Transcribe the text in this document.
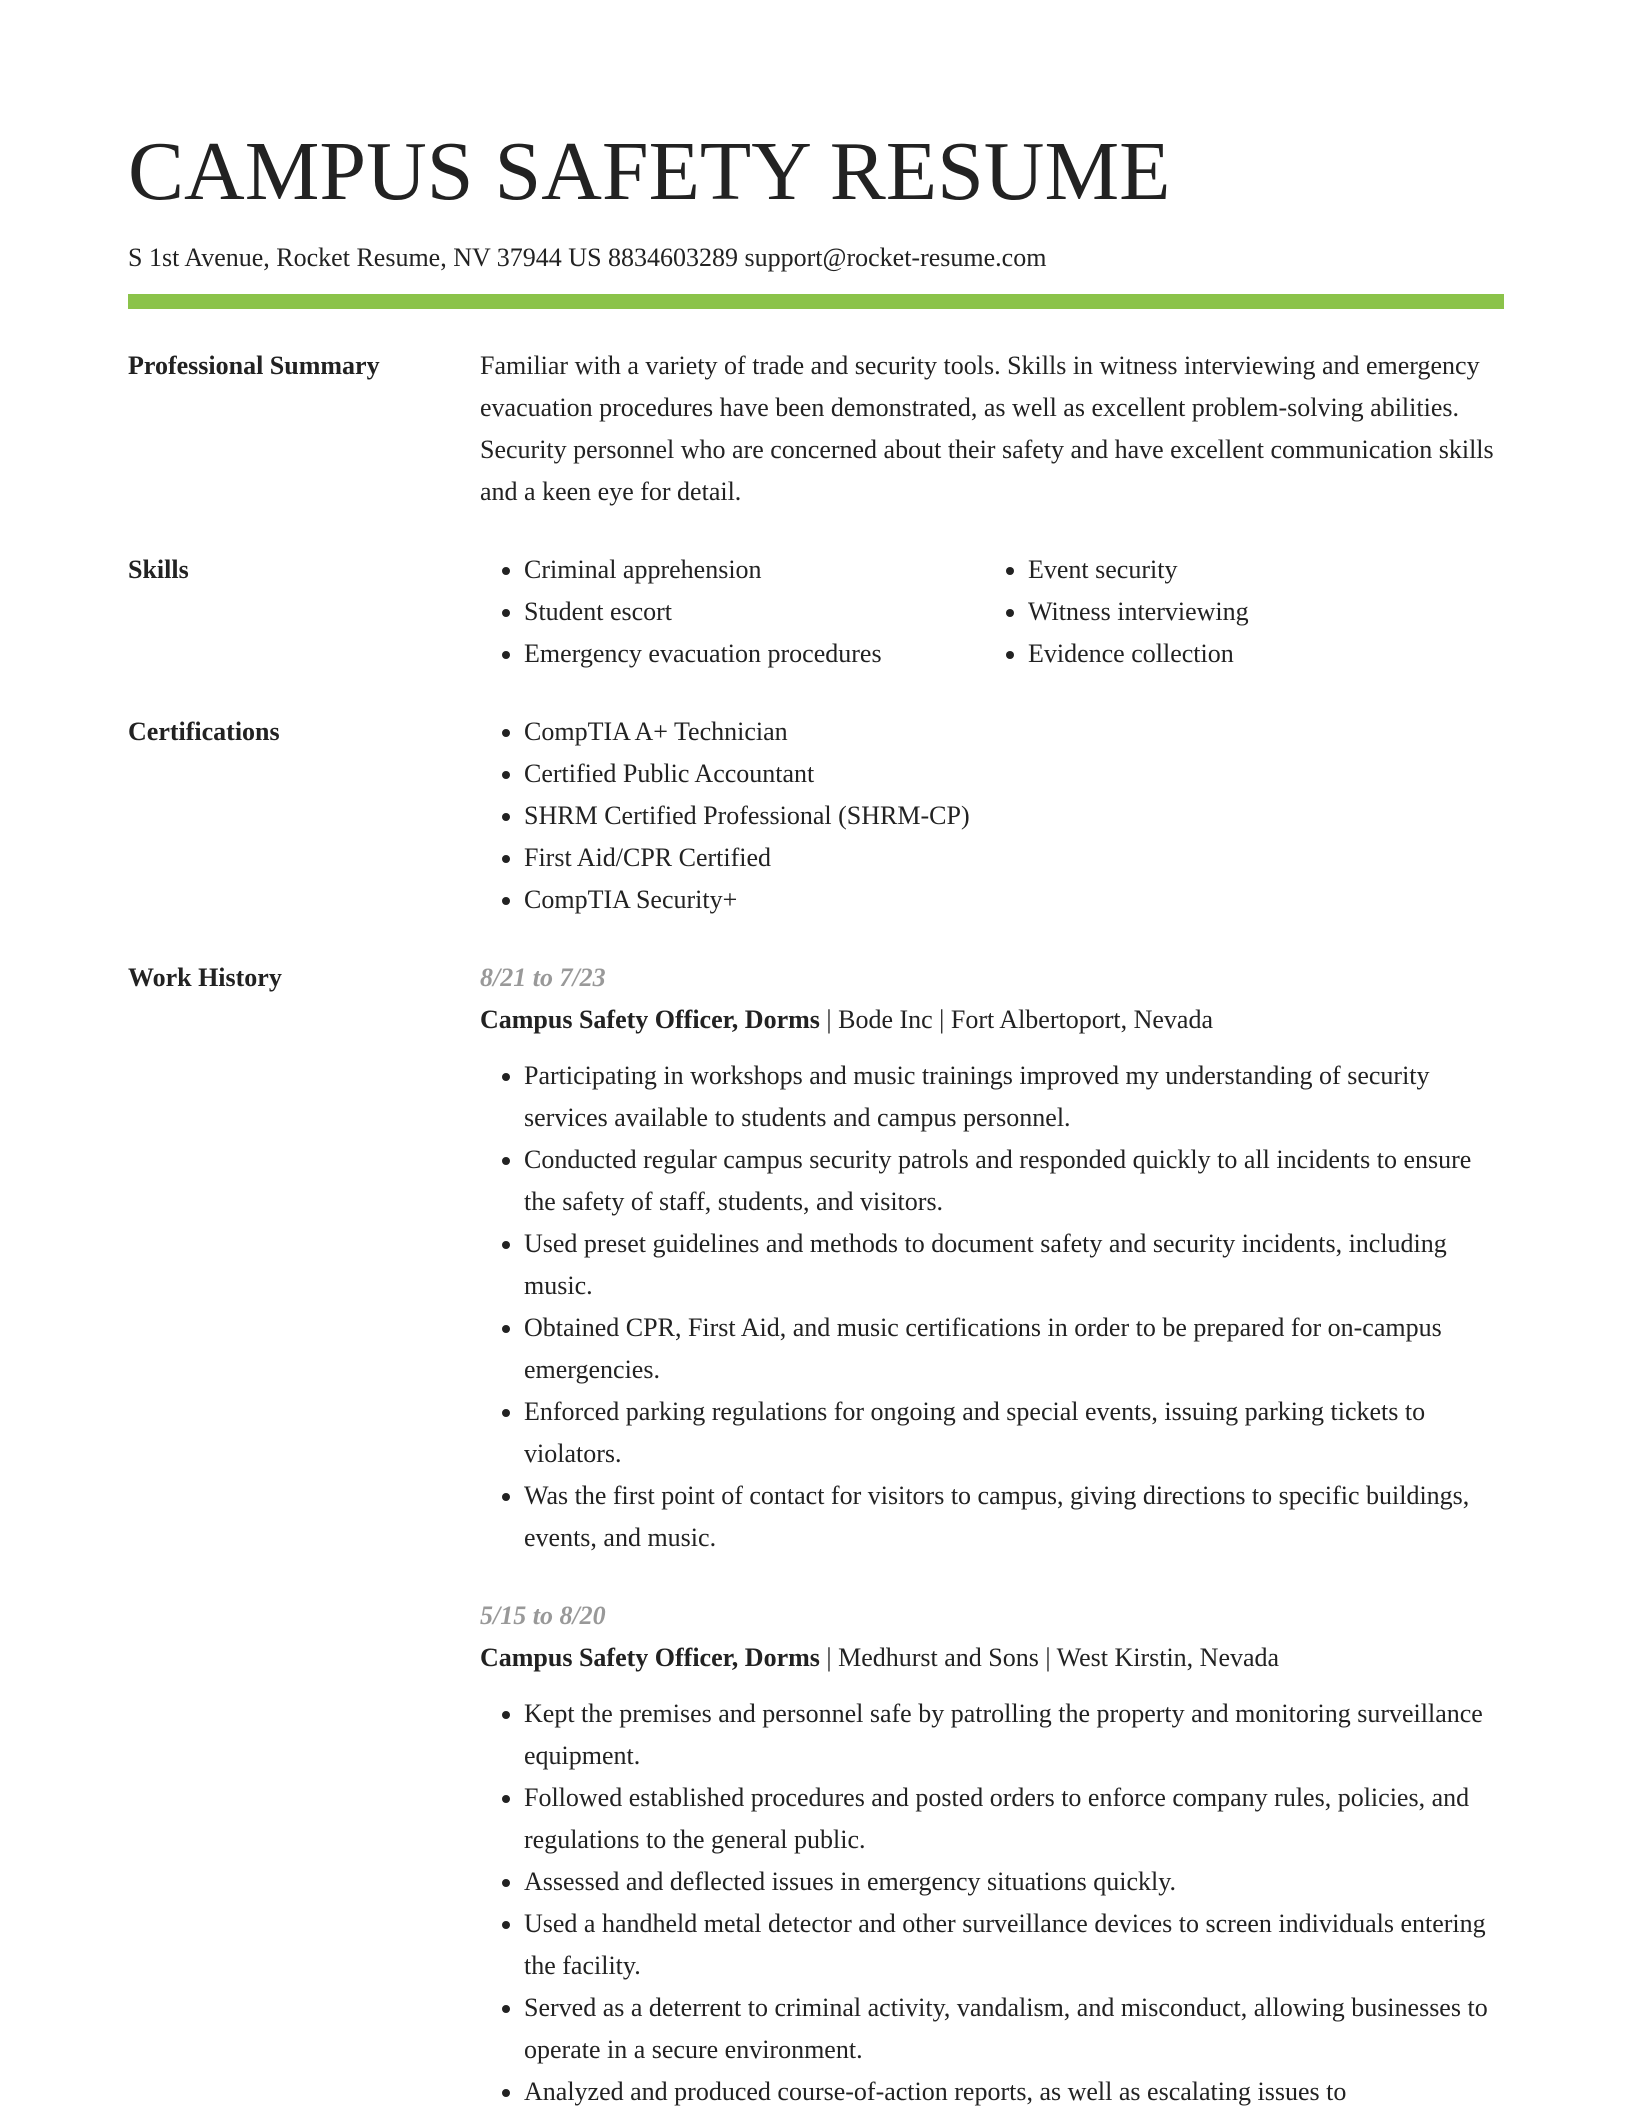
CAMPUS SAFETY RESUME
S 1st Avenue, Rocket Resume, NV 37944 US 8834603289 support@rocket-resume.com
Professional Summary	Familiar with a variety of trade and security tools. Skills in witness interviewing and emergency evacuation procedures have been demonstrated, as well as excellent problem-solving abilities. Security personnel who are concerned about their safety and have excellent communication skills and a keen eye for detail.

Skills	• Criminal apprehension
• Student escort
• Emergency evacuation procedures
• Event security
• Witness interviewing
• Evidence collection
Certifications	• CompTIA A+ Technician
• Certified Public Accountant
• SHRM Certified Professional (SHRM-CP)
• First Aid/CPR Certified
• CompTIA Security+
Work History	8/21 to 7/23
Campus Safety Officer, Dorms | Bode Inc | Fort Albertoport, Nevada
• Participating in workshops and music trainings improved my understanding of security services available to students and campus personnel.
• Conducted regular campus security patrols and responded quickly to all incidents to ensure the safety of staff, students, and visitors.
• Used preset guidelines and methods to document safety and security incidents, including music.
• Obtained CPR, First Aid, and music certifications in order to be prepared for on-campus emergencies.
• Enforced parking regulations for ongoing and special events, issuing parking tickets to violators.
• Was the first point of contact for visitors to campus, giving directions to specific buildings, events, and music.
5/15 to 8/20
Campus Safety Officer, Dorms | Medhurst and Sons | West Kirstin, Nevada
• Kept the premises and personnel safe by patrolling the property and monitoring surveillance equipment.
• Followed established procedures and posted orders to enforce company rules, policies, and regulations to the general public.
• Assessed and deflected issues in emergency situations quickly.
• Used a handheld metal detector and other surveillance devices to screen individuals entering the facility.
• Served as a deterrent to criminal activity, vandalism, and misconduct, allowing businesses to operate in a secure environment.
• Analyzed and produced course-of-action reports, as well as escalating issues to
